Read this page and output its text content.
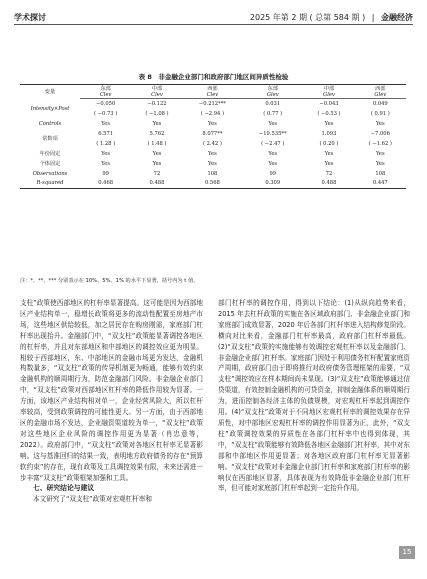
学术探讨	2025 年第 2 期 ( 总第 584 期 ) | 金融经济
表 8　非金融企业部门和政府部门地区间异质性检验
变量	东部	中部	西部	东部	中部	西部
	Clev	Clev	Clev	Glev	Glev	Glev
Intensity×Post	−0.050	−0.122	−0.212***	0.031	−0.043	0.049
	( −0.73 )	( −1.08 )	( −2.94 )	( 0.77 )	( −0.53 )	( 0.91 )
Controls	Yes	Yes	Yes	Yes	Yes	Yes
常数项	6.571	5.762	8.077**	−19.535**	1.093	−7.006
	( 1.28 )	( 1.48 )	( 2.42 )	( −2.47 )	( 0.20 )	( −1.62 )
年份固定	Yes	Yes	Yes	Yes	Yes	Yes
个体固定	Yes	Yes	Yes	Yes	Yes	Yes
Observations	99	72	108	99	72	108
R-squared	0.468	0.488	0.568	0.309	0.488	0.447
注：*、**、*** 分别表示在 10%、5%、1% 的水平下显著，括号内为 t 值。

支柱”政策使西部地区的杠杆率显著提高。这可能是因为西部地区产业结构单一，稳增长政策将更多的流动性配置至房地产市场，这些地区供给较低，加之居民存在购房刚需，家庭部门杠杆率出现抬升。金融部门中，“双支柱”政策能显著调控各地区的杠杆率，并且对东部地区和中部地区的调控效应更为明显。相较于西部地区，东、中部地区的金融市场更为发达，金融机构数量多，“双支柱”政策的传导机制更为畅通，能够有效约束金融机构的顺周期行为，防范金融部门风险。非金融企业部门中，“双支柱”政策对西部地区杠杆率的降低作用较为显著。一方面，该地区产业结构相对单一，企业经营风险大，所以杠杆率较高，受到政策调控的可能性更大。另一方面，由于西部地区的金融市场不发达，企业融资渠道较为单一，“双支柱”政策对这些地区企业风险的调控作用更为显著（肖忠意等，2022）。政府部门中，“双支柱”政策对各地区杠杆率无显著影响。这与基准回归的结果一致，表明地方政府债务的存在“预算软约束”的存在，现有政策及工具调控效果有限，未来还需进一步丰富“双支柱”政策框架加强和工具。

七、研究结论与建议

本文研究了“双支柱”政策对宏观杠杆率和

部门杠杆率的调控作用，得到以下结论：(1)从纵向趋势来看，2015 年去杠杆政策的实施在各区域政府部门、非金融企业部门和家庭部门成效显著，2020 年后各部门杠杆率进入结构修复阶段。横向对比来看，金融部门杠杆率最高，政府部门杠杆率最低。(2)“双支柱”政策的实施能够有效调控宏观杠杆率以及金融部门、非金融企业部门杠杆率。家庭部门因处于利用债务杠杆配置家庭资产周期，政府部门由于即将推行对政府债务管理框架的需要，“双支柱”调控效应在样本期间尚未显现。(3)“双支柱”政策能够通过信贷渠道，有效控制金融机构的可贷资金，抑制金融体系的顺周期行为，进而控制各经济主体的负债规模，对宏观杠杆率起到调控作用。(4)“双支柱”政策对于不同地区宏观杠杆率的调控效果存在异质性，对中部地区宏观杠杆率的调控作用显著为正，此外，“双支柱”政策调控效果的异质性在各部门杠杆率中也得到体现，其中，“双支柱”政策能够有效降低各地区金融部门杠杆率，其中对东部和中部地区作用更显著；对各地区政府部门杠杆率无显著影响。“双支柱”政策对非金融企业部门杠杆率和家庭部门杠杆率的影响仅在西部地区显著，具体表现为有效降低非金融企业部门杠杆率，但可能对家庭部门杠杆率起到一定抬升作用。

15
